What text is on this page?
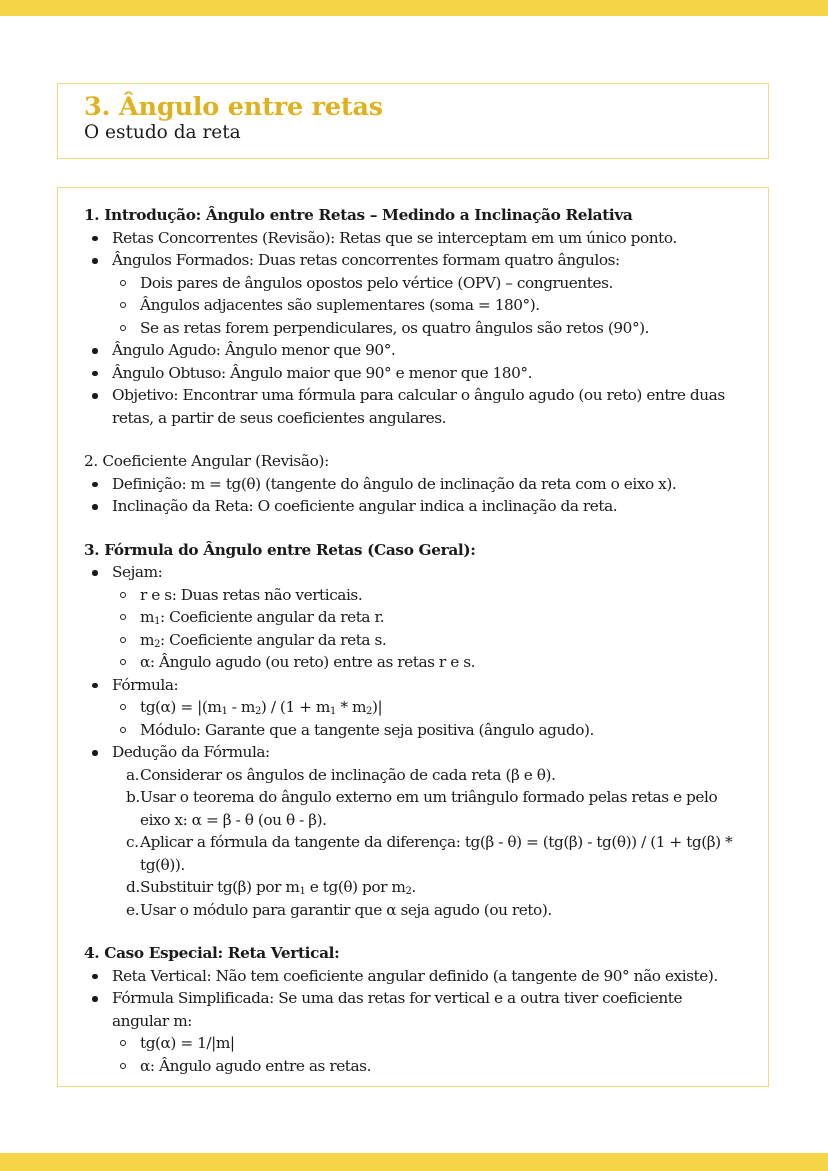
3. Ângulo entre retas
O estudo da reta
1. Introdução: Ângulo entre Retas – Medindo a Inclinação Relativa
Retas Concorrentes (Revisão): Retas que se interceptam em um único ponto.
Ângulos Formados: Duas retas concorrentes formam quatro ângulos:
Dois pares de ângulos opostos pelo vértice (OPV) – congruentes.
Ângulos adjacentes são suplementares (soma = 180°).
Se as retas forem perpendiculares, os quatro ângulos são retos (90°).
Ângulo Agudo: Ângulo menor que 90°.
Ângulo Obtuso: Ângulo maior que 90° e menor que 180°.
Objetivo: Encontrar uma fórmula para calcular o ângulo agudo (ou reto) entre duas retas, a partir de seus coeficientes angulares.
2. Coeficiente Angular (Revisão):
Definição: m = tg(θ) (tangente do ângulo de inclinação da reta com o eixo x).
Inclinação da Reta: O coeficiente angular indica a inclinação da reta.
3. Fórmula do Ângulo entre Retas (Caso Geral):
Sejam:
r e s: Duas retas não verticais.
$m_1$: Coeficiente angular da reta r.
$m_2$: Coeficiente angular da reta s.
α: Ângulo agudo (ou reto) entre as retas r e s.
Fórmula:
$tg(\alpha) = |(m_1 - m_2) / (1 + m_1 * m_2)|$
Módulo: Garante que a tangente seja positiva (ângulo agudo).
Dedução da Fórmula:
a. Considerar os ângulos de inclinação de cada reta (β e θ).
b. Usar o teorema do ângulo externo em um triângulo formado pelas retas e pelo eixo x: α = β - θ (ou θ - β).
c. Aplicar a fórmula da tangente da diferença: tg(β - θ) = (tg(β) - tg(θ)) / (1 + tg(β) * tg(θ)).
d. Substituir tg(β) por $m_1$ e tg(θ) por $m_2$.
e. Usar o módulo para garantir que α seja agudo (ou reto).
4. Caso Especial: Reta Vertical:
Reta Vertical: Não tem coeficiente angular definido (a tangente de 90° não existe).
Fórmula Simplificada: Se uma das retas for vertical e a outra tiver coeficiente angular m:
tg(α) = 1/|m|
α: Ângulo agudo entre as retas.
